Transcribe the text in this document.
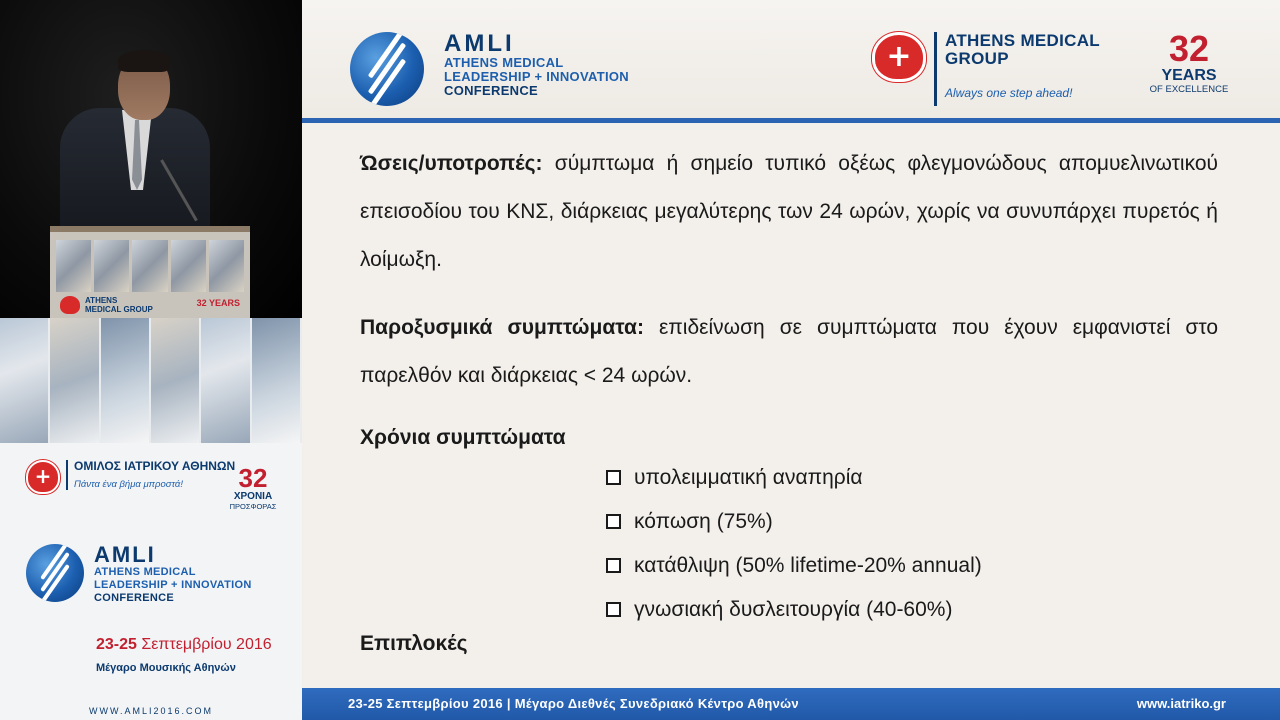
ATHENS MEDICAL GROUP
32 YEARS
+
ΟΜΙΛΟΣ ΙΑΤΡΙΚΟΥ ΑΘΗΝΩΝ
Πάντα ένα βήμα μπροστά!	32
ΧΡΟΝΙΑ
ΠΡΟΣΦΟΡΑΣ
AMLI
ATHENS MEDICAL
LEADERSHIP + INNOVATION
CONFERENCE
23-25 Σεπτεμβρίου 2016
Μέγαρο Μουσικής Αθηνών
WWW.AMLI2016.COM
AMLI
ATHENS MEDICAL
LEADERSHIP + INNOVATION
CONFERENCE
+
ATHENS MEDICAL
GROUP
Always one step ahead!
32
YEARS
OF EXCELLENCE
Ώσεις/υποτροπές: σύμπτωμα ή σημείο τυπικό οξέως φλεγμονώδους απομυελινωτικού επεισοδίου του ΚΝΣ, διάρκειας μεγαλύτερης των 24 ωρών, χωρίς να συνυπάρχει πυρετός ή λοίμωξη.
Παροξυσμικά συμπτώματα: επιδείνωση σε συμπτώματα που έχουν εμφανιστεί στο παρελθόν και διάρκειας < 24 ωρών.
Χρόνια συμπτώματα
υπολειμματική αναπηρία
κόπωση (75%)
κατάθλιψη (50% lifetime-20% annual)
γνωσιακή δυσλειτουργία (40-60%)
Επιπλοκές
23-25 Σεπτεμβρίου 2016 | Μέγαρο Διεθνές Συνεδριακό Κέντρο Αθηνών	www.iatriko.gr
